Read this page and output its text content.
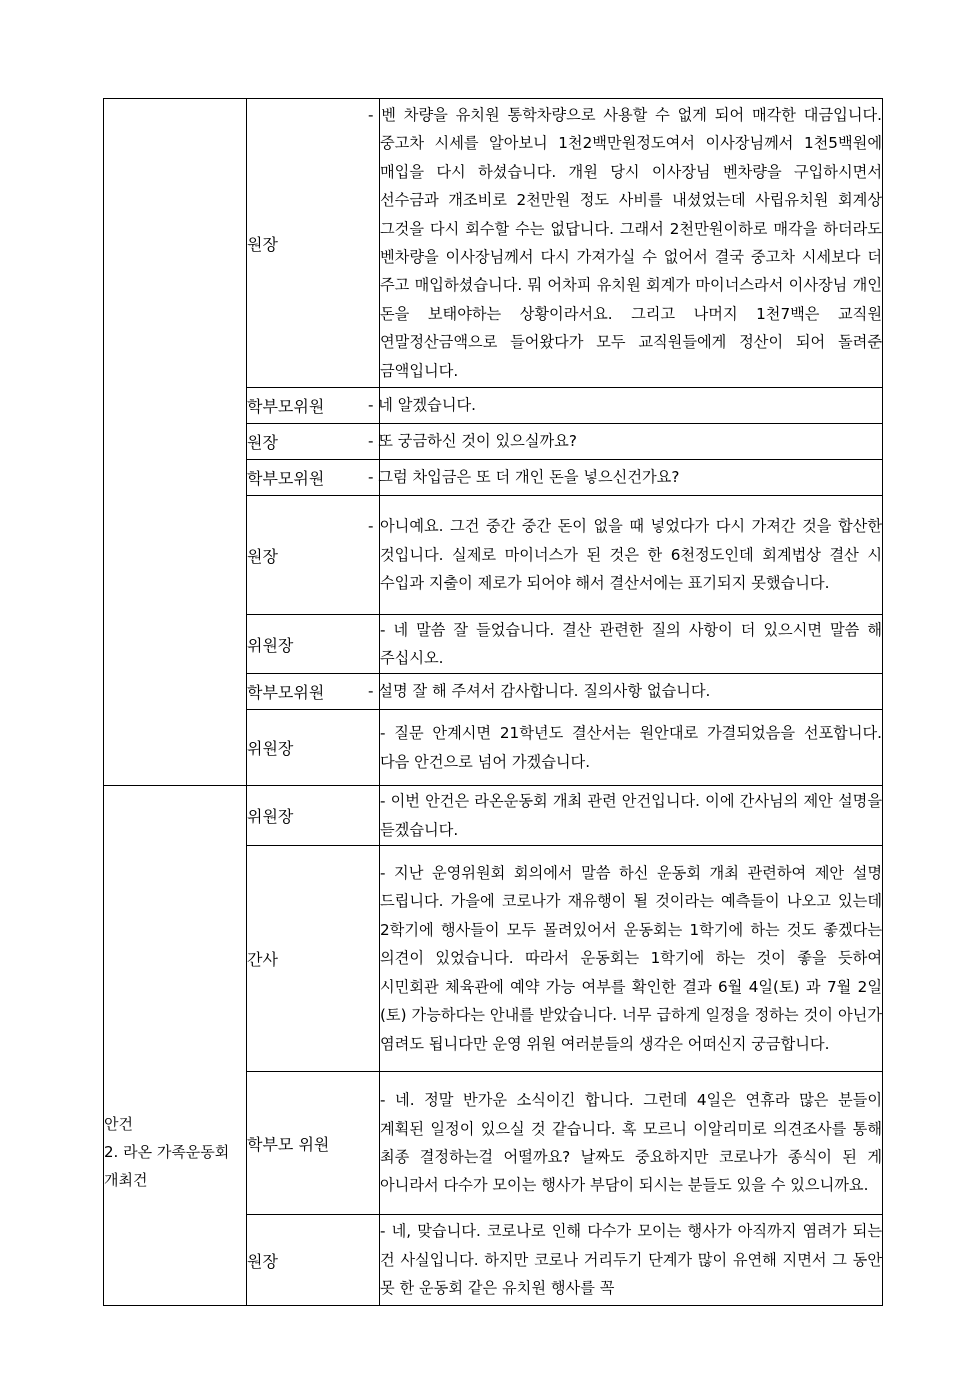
	원장	- 벤 차량을 유치원 통학차량으로 사용할 수 없게 되어 매각한 대금입니다. 중고차 시세를 알아보니 1천2백만원정도여서 이사장님께서 1천5백원에 매입을 다시 하셨습니다. 개원 당시 이사장님 벤차량을 구입하시면서 선수금과 개조비로 2천만원 정도 사비를 내셨었는데 사립유치원 회계상 그것을 다시 회수할 수는 없답니다. 그래서 2천만원이하로 매각을 하더라도 벤차량을 이사장님께서 다시 가져가실 수 없어서 결국 중고차 시세보다 더 주고 매입하셨습니다. 뭐 어차피 유치원 회계가 마이너스라서 이사장님 개인 돈을 보태야하는 상황이라서요. 그리고 나머지 1천7백은 교직원 연말정산금액으로 들어왔다가 모두 교직원들에게 정산이 되어 돌려준 금액입니다.
	학부모위원	- 네 알겠습니다.
	원장	- 또 궁금하신 것이 있으실까요?
	학부모위원	- 그럼 차입금은 또 더 개인 돈을 넣으신건가요?
	원장	- 아니예요. 그건 중간 중간 돈이 없을 때 넣었다가 다시 가져간 것을 합산한 것입니다. 실제로 마이너스가 된 것은 한 6천정도인데 회계법상 결산 시 수입과 지출이 제로가 되어야 해서 결산서에는 표기되지 못했습니다.
	위원장	- 네 말씀 잘 들었습니다. 결산 관련한 질의 사항이 더 있으시면 말씀 해 주십시오.
	학부모위원	- 설명 잘 해 주셔서 감사합니다. 질의사항 없습니다.
	위원장	- 질문 안계시면 21학년도 결산서는 원안대로 가결되었음을 선포합니다. 다음 안건으로 넘어 가겠습니다.

안건
2. 라온 가족운동회 개최건	위원장	- 이번 안건은 라온운동회 개최 관련 안건입니다. 이에 간사님의 제안 설명을 듣겠습니다.
	간사	- 지난 운영위원회 회의에서 말씀 하신 운동회 개최 관련하여 제안 설명 드립니다. 가을에 코로나가 재유행이 될 것이라는 예측들이 나오고 있는데 2학기에 행사들이 모두 몰려있어서 운동회는 1학기에 하는 것도 좋겠다는 의견이 있었습니다. 따라서 운동회는 1학기에 하는 것이 좋을 듯하여 시민회관 체육관에 예약 가능 여부를 확인한 결과 6월 4일(토) 과 7월 2일 (토) 가능하다는 안내를 받았습니다. 너무 급하게 일정을 정하는 것이 아닌가 염려도 됩니다만 운영 위원 여러분들의 생각은 어떠신지 궁금합니다.
	학부모 위원	- 네. 정말 반가운 소식이긴 합니다. 그런데 4일은 연휴라 많은 분들이 계획된 일정이 있으실 것 같습니다. 혹 모르니 이알리미로 의견조사를 통해 최종 결정하는걸 어떨까요? 날짜도 중요하지만 코로나가 종식이 된 게 아니라서 다수가 모이는 행사가 부담이 되시는 분들도 있을 수 있으니까요.
	원장	- 네, 맞습니다. 코로나로 인해 다수가 모이는 행사가 아직까지 염려가 되는 건 사실입니다. 하지만 코로나 거리두기 단계가 많이 유연해 지면서 그 동안 못 한 운동회 같은 유치원 행사를 꼭
